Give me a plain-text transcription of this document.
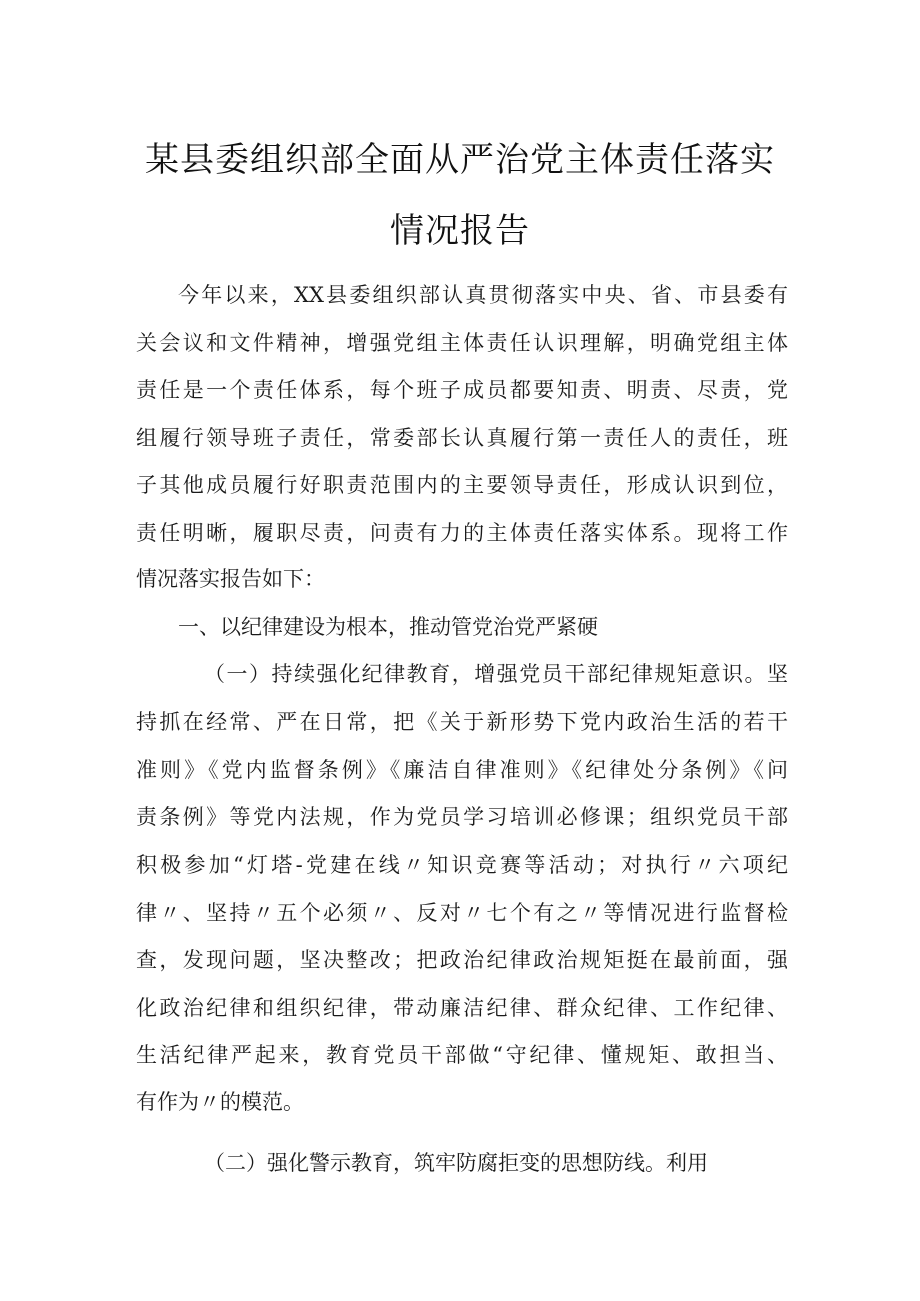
某县委组织部全面从严治党主体责任落实
情况报告
今年以来，XX县委组织部认真贯彻落实中央、省、市县委有
关会议和文件精神，增强党组主体责任认识理解，明确党组主体
责任是一个责任体系，每个班子成员都要知责、明责、尽责，党
组履行领导班子责任，常委部长认真履行第一责任人的责任，班
子其他成员履行好职责范围内的主要领导责任，形成认识到位，
责任明晰，履职尽责，问责有力的主体责任落实体系。现将工作
情况落实报告如下：
一、以纪律建设为根本，推动管党治党严紧硬
（一）持续强化纪律教育，增强党员干部纪律规矩意识。坚
持抓在经常、严在日常，把《关于新形势下党内政治生活的若干
准则》《党内监督条例》《廉洁自律准则》《纪律处分条例》《问
责条例》等党内法规，作为党员学习培训必修课；组织党员干部
积极参加“灯塔-党建在线〃知识竞赛等活动；对执行〃六项纪
律〃、坚持〃五个必须〃、反对〃七个有之〃等情况进行监督检
查，发现问题，坚决整改；把政治纪律政治规矩挺在最前面，强
化政治纪律和组织纪律，带动廉洁纪律、群众纪律、工作纪律、
生活纪律严起来，教育党员干部做“守纪律、懂规矩、敢担当、
有作为〃的模范。
（二）强化警示教育，筑牢防腐拒变的思想防线。利用
